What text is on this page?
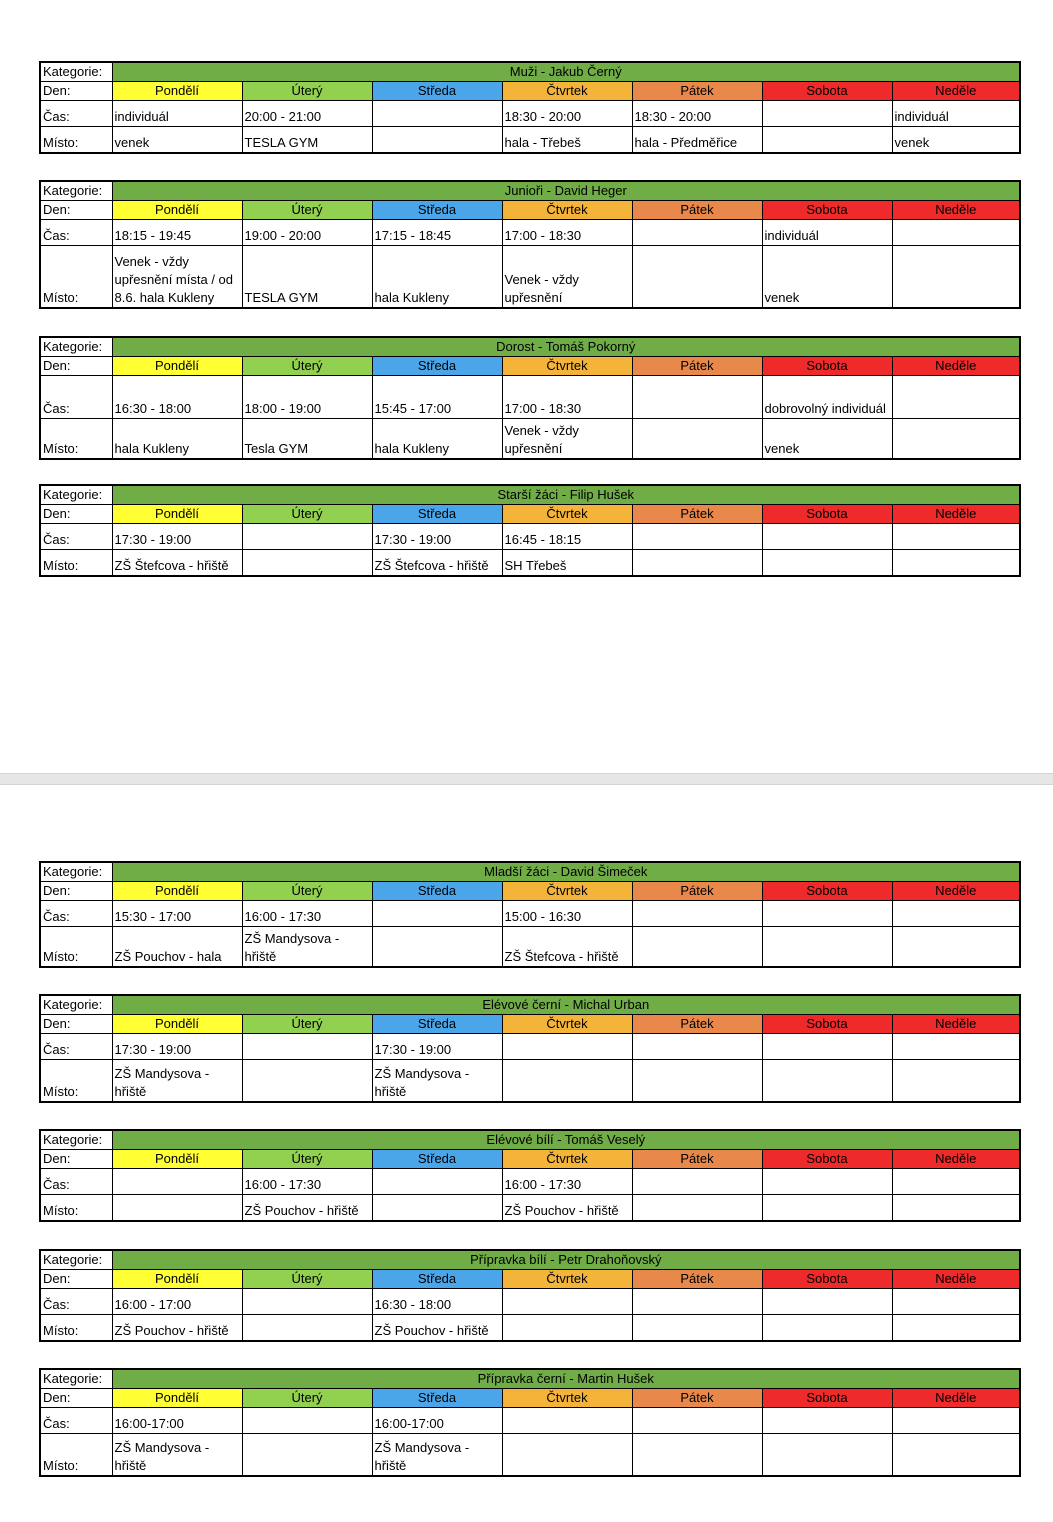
Kategorie:	Muži - Jakub Černý						
Den:	Pondělí	Úterý	Středa	Čtvrtek	Pátek	Sobota	Neděle
Čas:	individuál	20:00 - 21:00		18:30 - 20:00	18:30 - 20:00		individuál
Místo:	venek	TESLA GYM		hala - Třebeš	hala - Předměřice		venek
Kategorie:	Junioři - David Heger						
Den:	Pondělí	Úterý	Středa	Čtvrtek	Pátek	Sobota	Neděle
Čas:	18:15 - 19:45	19:00 - 20:00	17:15 - 18:45	17:00 - 18:30		individuál	
Místo:	Venek - vždy upřesnění místa / od 8.6. hala Kukleny	TESLA GYM	hala Kukleny	Venek - vždy upřesnění		venek	
Kategorie:	Dorost - Tomáš Pokorný						
Den:	Pondělí	Úterý	Středa	Čtvrtek	Pátek	Sobota	Neděle
Čas:	16:30 - 18:00	18:00 - 19:00	15:45 - 17:00	17:00 - 18:30		dobrovolný individuál	
Místo:	hala Kukleny	Tesla GYM	hala Kukleny	Venek - vždy upřesnění		venek	
Kategorie:	Starší žáci - Filip Hušek						
Den:	Pondělí	Úterý	Středa	Čtvrtek	Pátek	Sobota	Neděle
Čas:	17:30 - 19:00		17:30 - 19:00	16:45 - 18:15			
Místo:	ZŠ Štefcova - hřiště		ZŠ Štefcova - hřiště	SH Třebeš			
Kategorie:	Mladší žáci - David Šimeček						
Den:	Pondělí	Úterý	Středa	Čtvrtek	Pátek	Sobota	Neděle
Čas:	15:30 - 17:00	16:00 - 17:30		15:00 - 16:30			
Místo:	ZŠ Pouchov - hala	ZŠ Mandysova - hřiště		ZŠ Štefcova - hřiště			
Kategorie:	Elévové černí - Michal Urban						
Den:	Pondělí	Úterý	Středa	Čtvrtek	Pátek	Sobota	Neděle
Čas:	17:30 - 19:00		17:30 - 19:00				
Místo:	ZŠ Mandysova - hřiště		ZŠ Mandysova - hřiště				
Kategorie:	Elévové bílí - Tomáš Veselý						
Den:	Pondělí	Úterý	Středa	Čtvrtek	Pátek	Sobota	Neděle
Čas:		16:00 - 17:30		16:00 - 17:30			
Místo:		ZŠ Pouchov - hřiště		ZŠ Pouchov - hřiště			
Kategorie:	Přípravka bílí - Petr Drahoňovský						
Den:	Pondělí	Úterý	Středa	Čtvrtek	Pátek	Sobota	Neděle
Čas:	16:00 - 17:00		16:30 - 18:00				
Místo:	ZŠ Pouchov - hřiště		ZŠ Pouchov - hřiště				
Kategorie:	Přípravka černí - Martin Hušek						
Den:	Pondělí	Úterý	Středa	Čtvrtek	Pátek	Sobota	Neděle
Čas:	16:00-17:00		16:00-17:00				
Místo:	ZŠ Mandysova - hřiště		ZŠ Mandysova - hřiště				
